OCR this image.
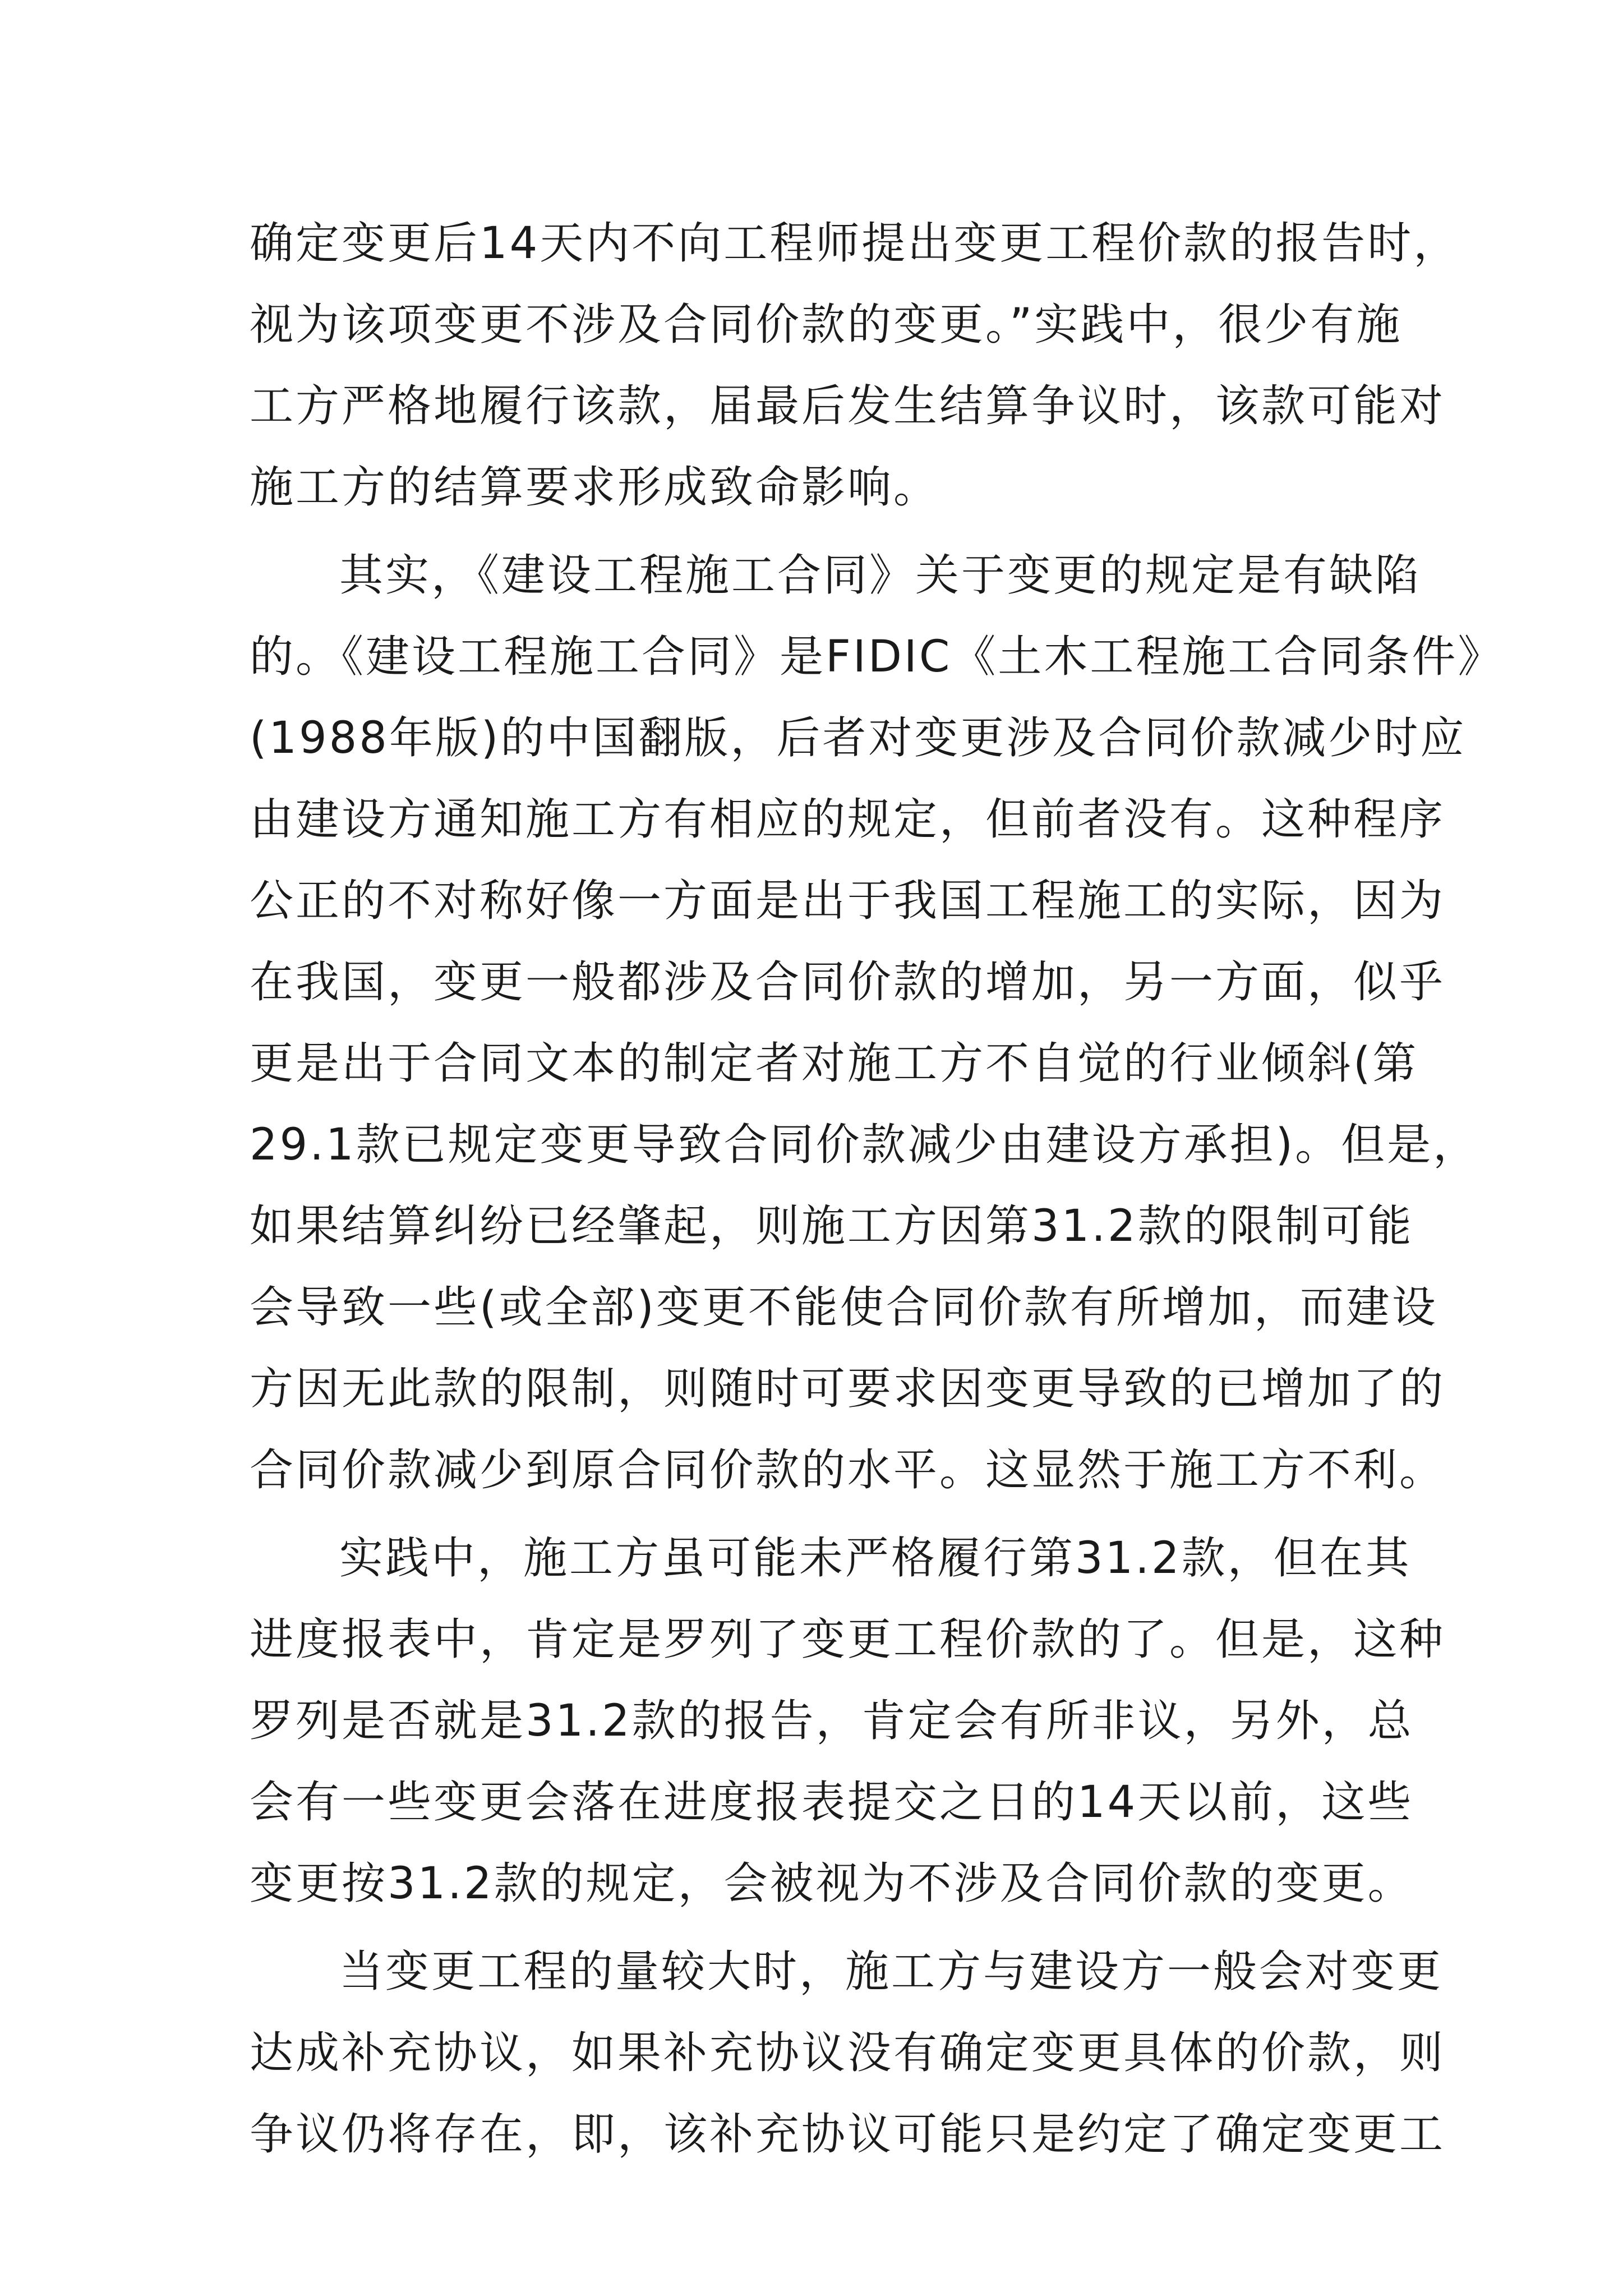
确定变更后14天内不向工程师提出变更工程价款的报告时，
视为该项变更不涉及合同价款的变更。”实践中，很少有施
工方严格地履行该款，届最后发生结算争议时，该款可能对
施工方的结算要求形成致命影响。
其实，《建设工程施工合同》关于变更的规定是有缺陷
的。《建设工程施工合同》是FIDIC《土木工程施工合同条件》
(1988年版)的中国翻版，后者对变更涉及合同价款减少时应
由建设方通知施工方有相应的规定，但前者没有。这种程序
公正的不对称好像一方面是出于我国工程施工的实际，因为
在我国，变更一般都涉及合同价款的增加，另一方面，似乎
更是出于合同文本的制定者对施工方不自觉的行业倾斜(第
29.1款已规定变更导致合同价款减少由建设方承担)。但是，
如果结算纠纷已经肇起，则施工方因第31.2款的限制可能
会导致一些(或全部)变更不能使合同价款有所增加，而建设
方因无此款的限制，则随时可要求因变更导致的已增加了的
合同价款减少到原合同价款的水平。这显然于施工方不利。
实践中，施工方虽可能未严格履行第31.2款，但在其
进度报表中，肯定是罗列了变更工程价款的了。但是，这种
罗列是否就是31.2款的报告，肯定会有所非议，另外，总
会有一些变更会落在进度报表提交之日的14天以前，这些
变更按31.2款的规定，会被视为不涉及合同价款的变更。
当变更工程的量较大时，施工方与建设方一般会对变更
达成补充协议，如果补充协议没有确定变更具体的价款，则
争议仍将存在，即，该补充协议可能只是约定了确定变更工
